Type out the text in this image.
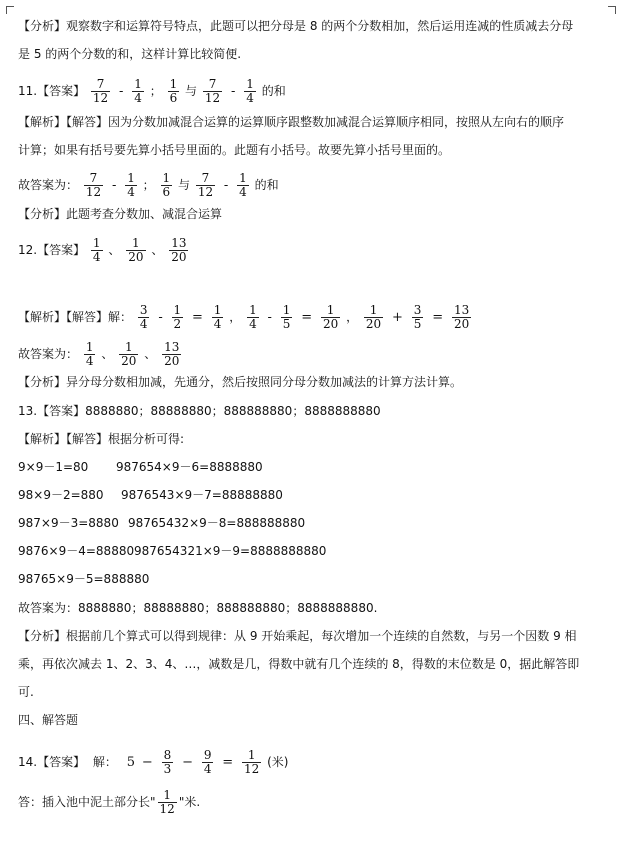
【分析】观察数字和运算符号特点，此题可以把分母是 8 的两个分数相加，然后运用连减的性质减去分母
是 5 的两个分数的和，这样计算比较简便.
11.【答案】 $\frac{7}{12} - \frac{1}{4}$ ； $\frac{1}{6}$ 与 $\frac{7}{12} - \frac{1}{4}$ 的和
【解析】【解答】因为分数加减混合运算的运算顺序跟整数加减混合运算顺序相同，按照从左向右的顺序
计算；如果有括号要先算小括号里面的。此题有小括号。故要先算小括号里面的。
故答案为： $\frac{7}{12} - \frac{1}{4}$ ； $\frac{1}{6}$ 与 $\frac{7}{12} - \frac{1}{4}$ 的和
【分析】此题考查分数加、减混合运算
12.【答案】 $\frac{1}{4}$ 、 $\frac{1}{20}$ 、 $\frac{13}{20}$
【解析】【解答】解： $\frac{3}{4} - \frac{1}{2} = \frac{1}{4}$ ， $\frac{1}{4} - \frac{1}{5} = \frac{1}{20}$ ， $\frac{1}{20} + \frac{3}{5} = \frac{13}{20}$
故答案为： $\frac{1}{4}$ 、 $\frac{1}{20}$ 、 $\frac{13}{20}$
【分析】异分母分数相加减，先通分，然后按照同分母分数加减法的计算方法计算。
13.【答案】8888880；88888880；888888880；8888888880
【解析】【解答】根据分析可得:
9×9－1=80 987654×9－6=8888880
98×9－2=880 9876543×9－7=88888880
987×9－3=8880 98765432×9－8=888888880
9876×9－4=88880987654321×9－9=8888888880
98765×9－5=888880
故答案为：8888880；88888880；888888880；8888888880.
【分析】根据前几个算式可以得到规律：从 9 开始乘起，每次增加一个连续的自然数，与另一个因数 9 相
乘，再依次减去 1、2、3、4、…，减数是几，得数中就有几个连续的 8，得数的末位数是 0，据此解答即
可.
四、解答题
14.【答案】 解： $5 - \frac{8}{3} - \frac{9}{4} = \frac{1}{12}$ (米)
答：插入池中泥土部分长" $\frac{1}{12}$ "米.
